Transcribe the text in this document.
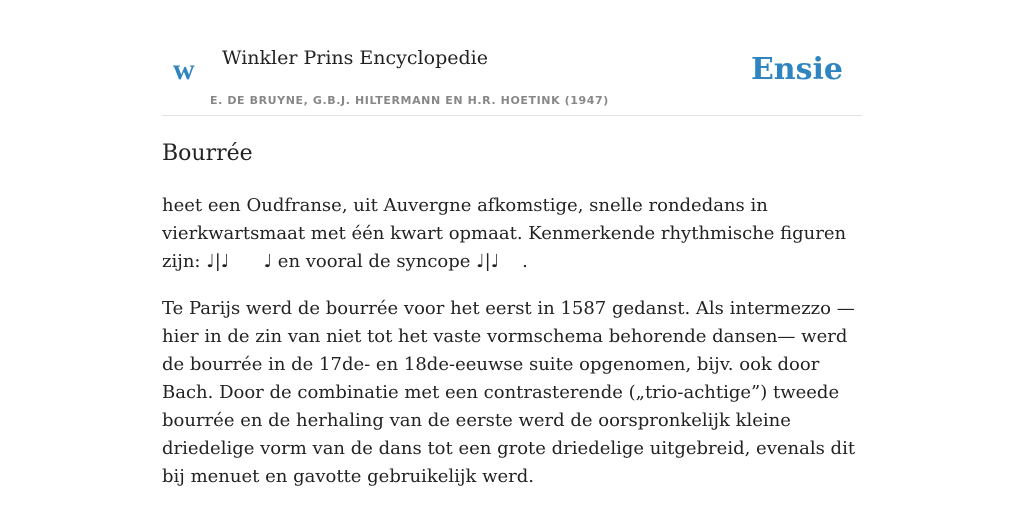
w Winkler Prins Encyclopedie	Ensie
E. DE BRUYNE, G.B.J. HILTERMANN EN H.R. HOETINK (1947)
Bourrée

heet een Oudfranse, uit Auvergne afkomstige, snelle rondedans in vierkwartsmaat met één kwart opmaat. Kenmerkende rhythmische figuren zijn: ♩|♩      ♩ en vooral de syncope ♩|♩    .

Te Parijs werd de bourrée voor het eerst in 1587 gedanst. Als intermezzo — hier in de zin van niet tot het vaste vormschema behorende dansen— werd de bourrée in de 17de- en 18de-eeuwse suite opgenomen, bijv. ook door Bach. Door de combinatie met een contrasterende („trio-achtige”) tweede bourrée en de herhaling van de eerste werd de oorspronkelijk kleine driedelige vorm van de dans tot een grote driedelige uitgebreid, evenals dit bij menuet en gavotte gebruikelijk werd.
